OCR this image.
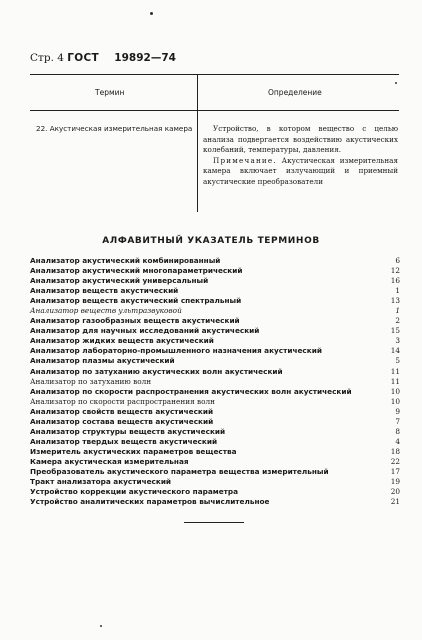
Стр. 4 ГОСТ 19892—74
Термин	Определение
22. Акустическая измерительная камера	Устройство, в котором вещество с целью анализа подвергается воздействию акустических колебаний, температуры, давления.

Примечание. Акустическая измерительная камера включает излучающий и приемный акустические преобразователи

АЛФАВИТНЫЙ УКАЗАТЕЛЬ ТЕРМИНОВ
Анализатор акустический комбинированный	6
Анализатор акустический многопараметрический	12
Анализатор акустический универсальный	16
Анализатор веществ акустический	1
Анализатор веществ акустический спектральный	13
Анализатор веществ ультразвуковой	1
Анализатор газообразных веществ акустический	2
Анализатор для научных исследований акустический	15
Анализатор жидких веществ акустический	3
Анализатор лабораторно-промышленного назначения акустический	14
Анализатор плазмы акустический	5
Анализатор по затуханию акустических волн акустический	11
Анализатор по затуханию волн	11
Анализатор по скорости распространения акустических волн акустический	10
Анализатор по скорости распространения волн	10
Анализатор свойств веществ акустический	9
Анализатор состава веществ акустический	7
Анализатор структуры веществ акустический	8
Анализатор твердых веществ акустический	4
Измеритель акустических параметров вещества	18
Камера акустическая измерительная	22
Преобразователь акустического параметра вещества измерительный	17
Тракт анализатора акустический	19
Устройство коррекции акустического параметра	20
Устройство аналитических параметров вычислительное	21
